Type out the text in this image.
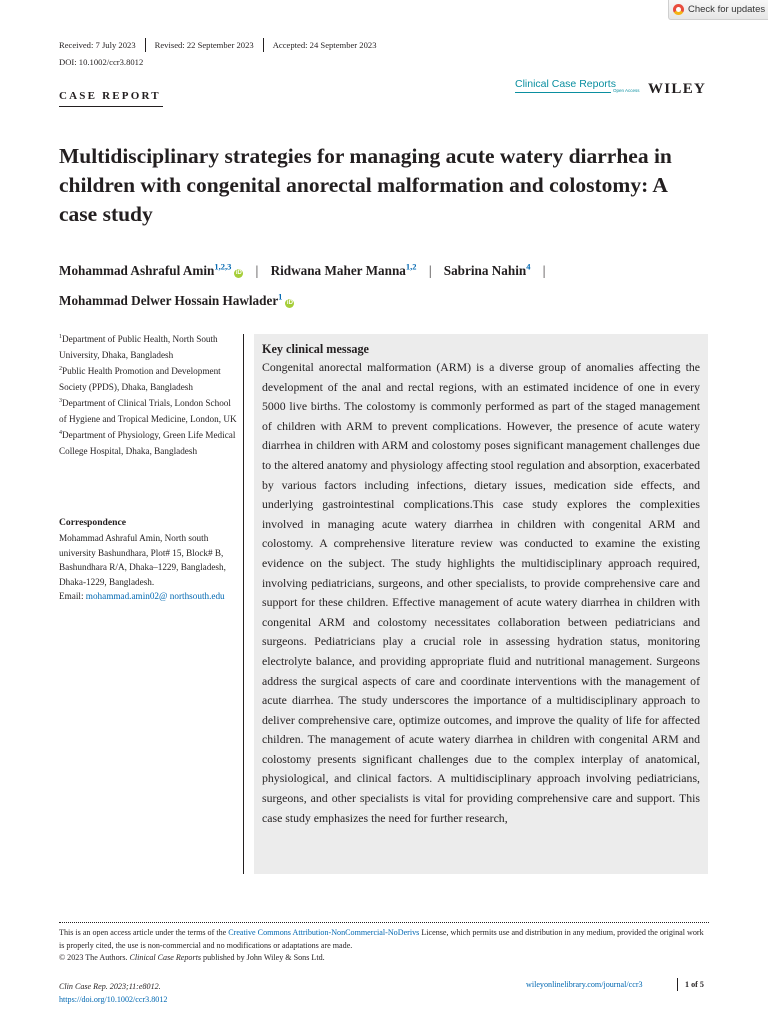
Check for updates
Received: 7 July 2023 Revised: 22 September 2023 Accepted: 24 September 2023
DOI: 10.1002/ccr3.8012
CASE REPORT
Clinical Case Reports
Open Access WILEY
Multidisciplinary strategies for managing acute watery diarrhea in children with congenital anorectal malformation and colostomy: A case study
Mohammad Ashraful Amin$^{1,2,3}$iD | Ridwana Maher Manna$^{1,2}$ | Sabrina Nahin$^4$ |
Mohammad Delwer Hossain Hawlader$^1$iD

$^1$Department of Public Health, North South University, Dhaka, Bangladesh

$^2$Public Health Promotion and Development Society (PPDS), Dhaka, Bangladesh

$^3$Department of Clinical Trials, London School of Hygiene and Tropical Medicine, London, UK

$^4$Department of Physiology, Green Life Medical College Hospital, Dhaka, Bangladesh

Correspondence
Mohammad Ashraful Amin, North south university Bashundhara, Plot# 15, Block# B, Bashundhara R/A, Dhaka–1229, Bangladesh, Dhaka-1229, Bangladesh.
Email: mohammad.amin02@ northsouth.edu

Key clinical message

Congenital anorectal malformation (ARM) is a diverse group of anomalies affecting the development of the anal and rectal regions, with an estimated incidence of one in every 5000 live births. The colostomy is commonly performed as part of the staged management of children with ARM to prevent complications. However, the presence of acute watery diarrhea in children with ARM and colostomy poses significant management challenges due to the altered anatomy and physiology affecting stool regulation and absorption, exacerbated by various factors including infections, dietary issues, medication side effects, and underlying gastrointestinal complications.This case study explores the complexities involved in managing acute watery diarrhea in children with congenital ARM and colostomy. A comprehensive literature review was conducted to examine the existing evidence on the subject. The study highlights the multidisciplinary approach required, involving pediatricians, surgeons, and other specialists, to provide comprehensive care and support for these children. Effective management of acute watery diarrhea in children with congenital ARM and colostomy necessitates collaboration between pediatricians and surgeons. Pediatricians play a crucial role in assessing hydration status, monitoring electrolyte balance, and providing appropriate fluid and nutritional management. Surgeons address the surgical aspects of care and coordinate interventions with the management of acute diarrhea. The study underscores the importance of a multidisciplinary approach to deliver comprehensive care, optimize outcomes, and improve the quality of life for affected children. The management of acute watery diarrhea in children with congenital ARM and colostomy presents significant challenges due to the complex interplay of anatomical, physiological, and clinical factors. A multidisciplinary approach involving pediatricians, surgeons, and other specialists is vital for providing comprehensive care and support. This case study emphasizes the need for further research,

This is an open access article under the terms of the Creative Commons Attribution-NonCommercial-NoDerivs License, which permits use and distribution in any medium, provided the original work is properly cited, the use is non-commercial and no modifications or adaptations are made.
© 2023 The Authors. Clinical Case Reports published by John Wiley & Sons Ltd.
Clin Case Rep. 2023;11:e8012.
https://doi.org/10.1002/ccr3.8012
wileyonlinelibrary.com/journal/ccr3	1 of 5
